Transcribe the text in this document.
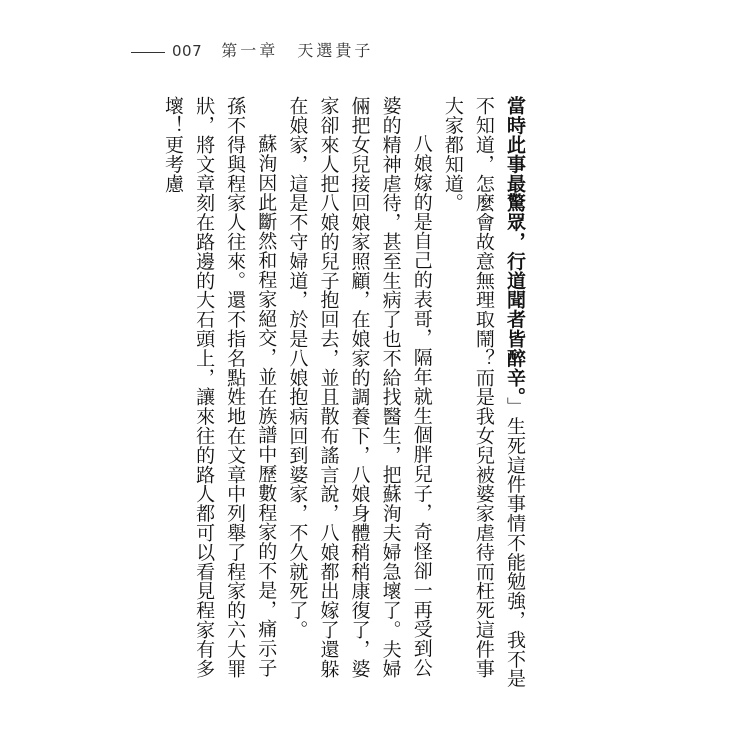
007 第一章 天選貴子

當時此事最驚眾，行道聞者皆醉辛。」生死這件事情不能勉強，我不是不知道，怎麼會故意無理取鬧？而是我女兒被婆家虐待而枉死這件事大家都知道。

八娘嫁的是自己的表哥，隔年就生個胖兒子，奇怪卻一再受到公婆的精神虐待，甚至生病了也不給找醫生，把蘇洵夫婦急壞了。夫婦倆把女兒接回娘家照顧，在娘家的調養下，八娘身體稍稍康復了，婆家卻來人把八娘的兒子抱回去，並且散布謠言說，八娘都出嫁了還躲在娘家，這是不守婦道，於是八娘抱病回到婆家，不久就死了。

蘇洵因此斷然和程家絕交，並在族譜中歷數程家的不是，痛示子孫不得與程家人往來。還不指名點姓地在文章中列舉了程家的六大罪狀，將文章刻在路邊的大石頭上，讓來往的路人都可以看見程家有多壞！更考慮
